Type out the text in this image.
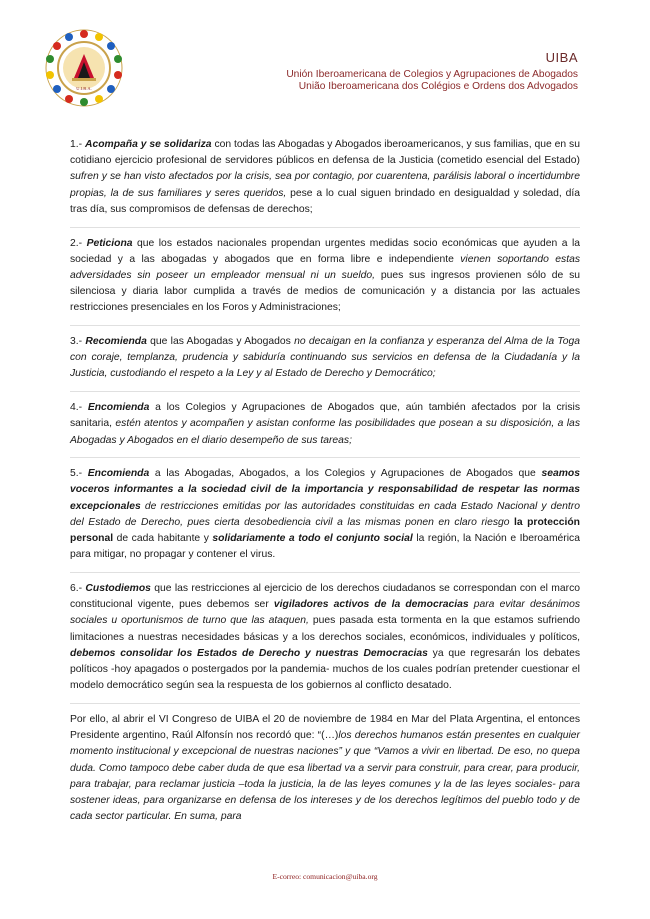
U.I.B.A.
UIBA
Unión Iberoamericana de Colegios y Agrupaciones de Abogados
União Iberoamericana dos Colégios e Ordens dos Advogados

1.- Acompaña y se solidariza con todas las Abogadas y Abogados iberoamericanos, y sus familias, que en su cotidiano ejercicio profesional de servidores públicos en defensa de la Justicia (cometido esencial del Estado) sufren y se han visto afectados por la crisis, sea por contagio, por cuarentena, parálisis laboral o incertidumbre propias, la de sus familiares y seres queridos, pese a lo cual siguen brindado en desigualdad y soledad, día tras día, sus compromisos de defensas de derechos;

2.- Peticiona que los estados nacionales propendan urgentes medidas socio económicas que ayuden a la sociedad y a las abogadas y abogados que en forma libre e independiente vienen soportando estas adversidades sin poseer un empleador mensual ni un sueldo, pues sus ingresos provienen sólo de su silenciosa y diaria labor cumplida a través de medios de comunicación y a distancia por las actuales restricciones presenciales en los Foros y Administraciones;

3.- Recomienda que las Abogadas y Abogados no decaigan en la confianza y esperanza del Alma de la Toga con coraje, templanza, prudencia y sabiduría continuando sus servicios en defensa de la Ciudadanía y la Justicia, custodiando el respeto a la Ley y al Estado de Derecho y Democrático;

4.- Encomienda a los Colegios y Agrupaciones de Abogados que, aún también afectados por la crisis sanitaria, estén atentos y acompañen y asistan conforme las posibilidades que posean a su disposición, a las Abogadas y Abogados en el diario desempeño de sus tareas;

5.- Encomienda a las Abogadas, Abogados, a los Colegios y Agrupaciones de Abogados que seamos voceros informantes a la sociedad civil de la importancia y responsabilidad de respetar las normas excepcionales de restricciones emitidas por las autoridades constituidas en cada Estado Nacional y dentro del Estado de Derecho, pues cierta desobediencia civil a las mismas ponen en claro riesgo la protección personal de cada habitante y solidariamente a todo el conjunto social la región, la Nación e Iberoamérica para mitigar, no propagar y contener el virus.

6.- Custodiemos que las restricciones al ejercicio de los derechos ciudadanos se correspondan con el marco constitucional vigente, pues debemos ser vigiladores activos de la democracias para evitar desánimos sociales u oportunismos de turno que las ataquen, pues pasada esta tormenta en la que estamos sufriendo limitaciones a nuestras necesidades básicas y a los derechos sociales, económicos, individuales y políticos, debemos consolidar los Estados de Derecho y nuestras Democracias ya que regresarán los debates políticos -hoy apagados o postergados por la pandemia- muchos de los cuales podrían pretender cuestionar el modelo democrático según sea la respuesta de los gobiernos al conflicto desatado.

Por ello, al abrir el VI Congreso de UIBA el 20 de noviembre de 1984 en Mar del Plata Argentina, el entonces Presidente argentino, Raúl Alfonsín nos recordó que: “(…)los derechos humanos están presentes en cualquier momento institucional y excepcional de nuestras naciones” y que “Vamos a vivir en libertad. De eso, no quepa duda. Como tampoco debe caber duda de que esa libertad va a servir para construir, para crear, para producir, para trabajar, para reclamar justicia –toda la justicia, la de las leyes comunes y la de las leyes sociales- para sostener ideas, para organizarse en defensa de los intereses y de los derechos legítimos del pueblo todo y de cada sector particular. En suma, para

E-correo: comunicacion@uiba.org
